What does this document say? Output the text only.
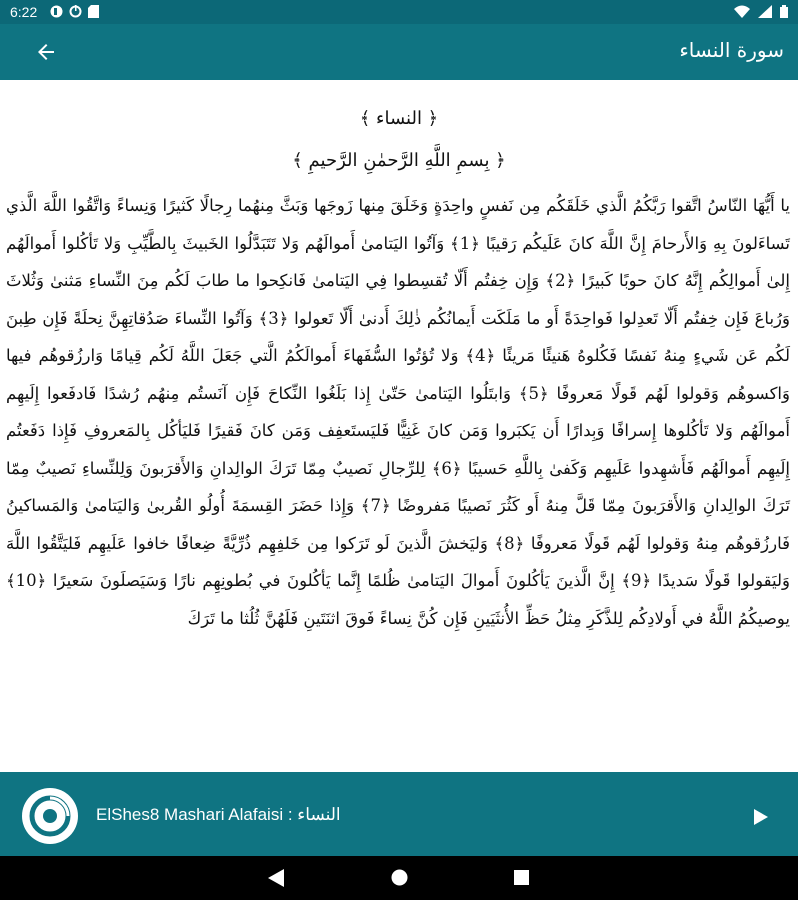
6:22
سورة النساء
﴿ النساء ﴾
﴿ بِسمِ اللَّهِ الرَّحمٰنِ الرَّحيمِ ﴾
يا أَيُّهَا النّاسُ اتَّقوا رَبَّكُمُ الَّذي خَلَقَكُم مِن نَفسٍ واحِدَةٍ وَخَلَقَ مِنها زَوجَها وَبَثَّ مِنهُما رِجالًا كَثيرًا وَنِساءً وَاتَّقُوا اللَّهَ الَّذي تَساءَلونَ بِهِ وَالأَرحامَ إِنَّ اللَّهَ كانَ عَلَيكُم رَقيبًا ﴿1﴾ وَآتُوا اليَتامىٰ أَموالَهُم وَلا تَتَبَدَّلُوا الخَبيثَ بِالطَّيِّبِ وَلا تَأكُلوا أَموالَهُم إِلىٰ أَموالِكُم إِنَّهُ كانَ حوبًا كَبيرًا ﴿2﴾ وَإِن خِفتُم أَلّا تُقسِطوا فِي اليَتامىٰ فَانكِحوا ما طابَ لَكُم مِنَ النِّساءِ مَثنىٰ وَثُلاثَ وَرُباعَ فَإِن خِفتُم أَلّا تَعدِلوا فَواحِدَةً أَو ما مَلَكَت أَيمانُكُم ذٰلِكَ أَدنىٰ أَلّا تَعولوا ﴿3﴾ وَآتُوا النِّساءَ صَدُقاتِهِنَّ نِحلَةً فَإِن طِبنَ لَكُم عَن شَيءٍ مِنهُ نَفسًا فَكُلوهُ هَنيئًا مَريئًا ﴿4﴾ وَلا تُؤتُوا السُّفَهاءَ أَموالَكُمُ الَّتي جَعَلَ اللَّهُ لَكُم قِيامًا وَارزُقوهُم فيها وَاكسوهُم وَقولوا لَهُم قَولًا مَعروفًا ﴿5﴾ وَابتَلُوا اليَتامىٰ حَتّىٰ إِذا بَلَغُوا النِّكاحَ فَإِن آنَستُم مِنهُم رُشدًا فَادفَعوا إِلَيهِم أَموالَهُم وَلا تَأكُلوها إِسرافًا وَبِدارًا أَن يَكبَروا وَمَن كانَ غَنِيًّا فَليَستَعفِف وَمَن كانَ فَقيرًا فَليَأكُل بِالمَعروفِ فَإِذا دَفَعتُم إِلَيهِم أَموالَهُم فَأَشهِدوا عَلَيهِم وَكَفىٰ بِاللَّهِ حَسيبًا ﴿6﴾ لِلرِّجالِ نَصيبٌ مِمّا تَرَكَ الوالِدانِ وَالأَقرَبونَ وَلِلنِّساءِ نَصيبٌ مِمّا تَرَكَ الوالِدانِ وَالأَقرَبونَ مِمّا قَلَّ مِنهُ أَو كَثُرَ نَصيبًا مَفروضًا ﴿7﴾ وَإِذا حَضَرَ القِسمَةَ أُولُو القُربىٰ وَاليَتامىٰ وَالمَساكينُ فَارزُقوهُم مِنهُ وَقولوا لَهُم قَولًا مَعروفًا ﴿8﴾ وَليَخشَ الَّذينَ لَو تَرَكوا مِن خَلفِهِم ذُرِّيَّةً ضِعافًا خافوا عَلَيهِم فَليَتَّقُوا اللَّهَ وَليَقولوا قَولًا سَديدًا ﴿9﴾ إِنَّ الَّذينَ يَأكُلونَ أَموالَ اليَتامىٰ ظُلمًا إِنَّما يَأكُلونَ في بُطونِهِم نارًا وَسَيَصلَونَ سَعيرًا ﴿10﴾ يوصيكُمُ اللَّهُ في أَولادِكُم لِلذَّكَرِ مِثلُ حَظِّ الأُنثَيَينِ فَإِن كُنَّ نِساءً فَوقَ اثنَتَينِ فَلَهُنَّ ثُلُثا ما تَرَكَ
ElShes8 Mashari Alafaisi : النساء
